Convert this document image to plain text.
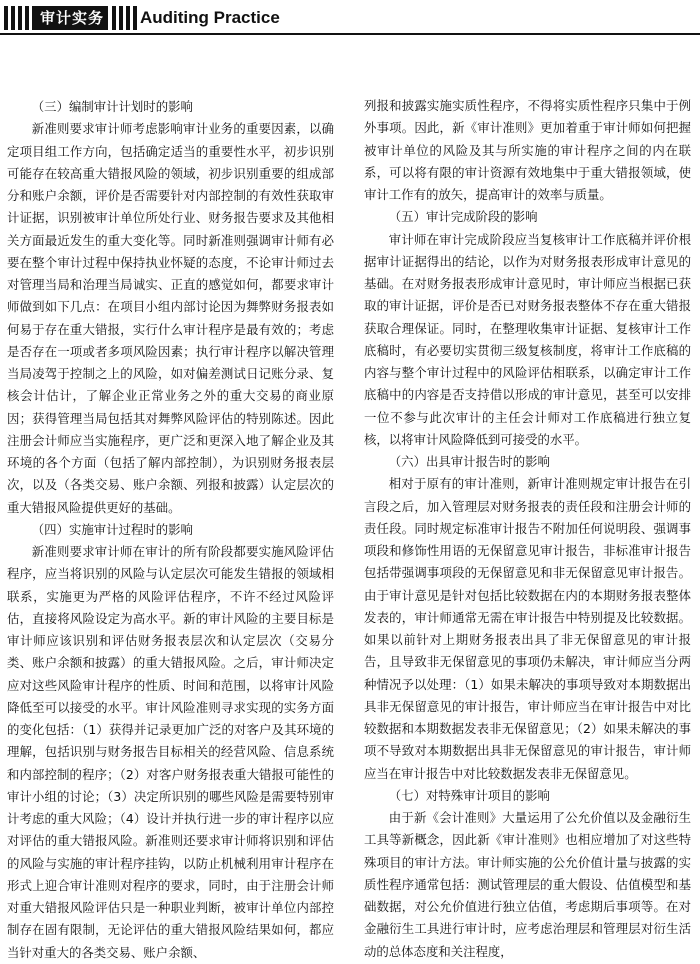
审计实务 Auditing Practice
（三）编制审计计划时的影响

新准则要求审计师考虑影响审计业务的重要因素，以确定项目组工作方向，包括确定适当的重要性水平，初步识别可能存在较高重大错报风险的领域，初步识别重要的组成部分和账户余额，评价是否需要针对内部控制的有效性获取审计证据，识别被审计单位所处行业、财务报告要求及其他相关方面最近发生的重大变化等。同时新准则强调审计师有必要在整个审计过程中保持执业怀疑的态度，不论审计师过去对管理当局和治理当局诚实、正直的感觉如何，都要求审计师做到如下几点：在项目小组内部讨论因为舞弊财务报表如何易于存在重大错报，实行什么审计程序是最有效的；考虑是否存在一项或者多项风险因素；执行审计程序以解决管理当局凌驾于控制之上的风险，如对偏差测试日记账分录、复核会计估计，了解企业正常业务之外的重大交易的商业原因；获得管理当局包括其对舞弊风险评估的特别陈述。因此注册会计师应当实施程序，更广泛和更深入地了解企业及其环境的各个方面（包括了解内部控制），为识别财务报表层次，以及（各类交易、账户余额、列报和披露）认定层次的重大错报风险提供更好的基础。

（四）实施审计过程时的影响

新准则要求审计师在审计的所有阶段都要实施风险评估程序，应当将识别的风险与认定层次可能发生错报的领域相联系，实施更为严格的风险评估程序，不许不经过风险评估，直接将风险设定为高水平。新的审计风险的主要目标是审计师应该识别和评估财务报表层次和认定层次（交易分类、账户余额和披露）的重大错报风险。之后，审计师决定应对这些风险审计程序的性质、时间和范围，以将审计风险降低至可以接受的水平。审计风险准则寻求实现的实务方面的变化包括：（1）获得并记录更加广泛的对客户及其环境的理解，包括识别与财务报告目标相关的经营风险、信息系统和内部控制的程序；（2）对客户财务报表重大错报可能性的审计小组的讨论；（3）决定所识别的哪些风险是需要特别审计考虑的重大风险；（4）设计并执行进一步的审计程序以应对评估的重大错报风险。新准则还要求审计师将识别和评估的风险与实施的审计程序挂钩，以防止机械利用审计程序在形式上迎合审计准则对程序的要求，同时，由于注册会计师对重大错报风险评估只是一种职业判断，被审计单位内部控制存在固有限制，无论评估的重大错报风险结果如何，都应当针对重大的各类交易、账户余额、

列报和披露实施实质性程序，不得将实质性程序只集中于例外事项。因此，新《审计准则》更加着重于审计师如何把握被审计单位的风险及其与所实施的审计程序之间的内在联系，可以将有限的审计资源有效地集中于重大错报领域，使审计工作有的放矢，提高审计的效率与质量。

（五）审计完成阶段的影响

审计师在审计完成阶段应当复核审计工作底稿并评价根据审计证据得出的结论，以作为对财务报表形成审计意见的基础。在对财务报表形成审计意见时，审计师应当根据已获取的审计证据，评价是否已对财务报表整体不存在重大错报获取合理保证。同时，在整理收集审计证据、复核审计工作底稿时，有必要切实贯彻三级复核制度，将审计工作底稿的内容与整个审计过程中的风险评估相联系，以确定审计工作底稿中的内容是否支持借以形成的审计意见，甚至可以安排一位不参与此次审计的主任会计师对工作底稿进行独立复核，以将审计风险降低到可接受的水平。

（六）出具审计报告时的影响

相对于原有的审计准则，新审计准则规定审计报告在引言段之后，加入管理层对财务报表的责任段和注册会计师的责任段。同时规定标准审计报告不附加任何说明段、强调事项段和修饰性用语的无保留意见审计报告，非标准审计报告包括带强调事项段的无保留意见和非无保留意见审计报告。由于审计意见是针对包括比较数据在内的本期财务报表整体发表的，审计师通常无需在审计报告中特别提及比较数据。如果以前针对上期财务报表出具了非无保留意见的审计报告，且导致非无保留意见的事项仍未解决，审计师应当分两种情况予以处理：（1）如果未解决的事项导致对本期数据出具非无保留意见的审计报告，审计师应当在审计报告中对比较数据和本期数据发表非无保留意见；（2）如果未解决的事项不导致对本期数据出具非无保留意见的审计报告，审计师应当在审计报告中对比较数据发表非无保留意见。

（七）对特殊审计项目的影响

由于新《会计准则》大量运用了公允价值以及金融衍生工具等新概念，因此新《审计准则》也相应增加了对这些特殊项目的审计方法。审计师实施的公允价值计量与披露的实质性程序通常包括：测试管理层的重大假设、估值模型和基础数据，对公允价值进行独立估值，考虑期后事项等。在对金融衍生工具进行审计时，应考虑治理层和管理层对衍生活动的总体态度和关注程度，
